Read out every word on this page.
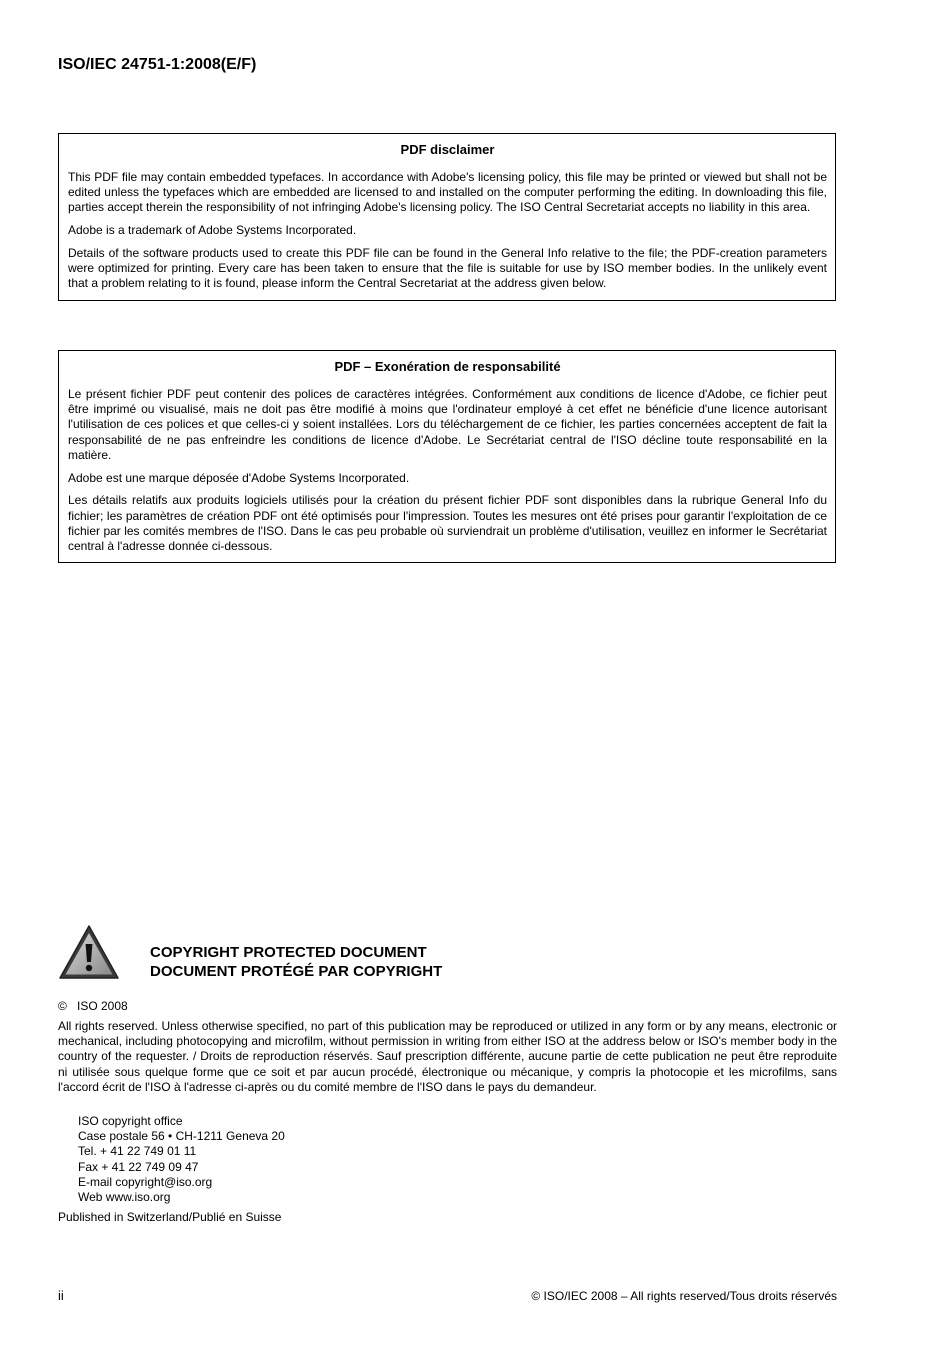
ISO/IEC 24751-1:2008(E/F)
PDF disclaimer

This PDF file may contain embedded typefaces. In accordance with Adobe's licensing policy, this file may be printed or viewed but shall not be edited unless the typefaces which are embedded are licensed to and installed on the computer performing the editing. In downloading this file, parties accept therein the responsibility of not infringing Adobe's licensing policy. The ISO Central Secretariat accepts no liability in this area.

Adobe is a trademark of Adobe Systems Incorporated.

Details of the software products used to create this PDF file can be found in the General Info relative to the file; the PDF-creation parameters were optimized for printing. Every care has been taken to ensure that the file is suitable for use by ISO member bodies. In the unlikely event that a problem relating to it is found, please inform the Central Secretariat at the address given below.

PDF – Exonération de responsabilité

Le présent fichier PDF peut contenir des polices de caractères intégrées. Conformément aux conditions de licence d'Adobe, ce fichier peut être imprimé ou visualisé, mais ne doit pas être modifié à moins que l'ordinateur employé à cet effet ne bénéficie d'une licence autorisant l'utilisation de ces polices et que celles-ci y soient installées. Lors du téléchargement de ce fichier, les parties concernées acceptent de fait la responsabilité de ne pas enfreindre les conditions de licence d'Adobe. Le Secrétariat central de l'ISO décline toute responsabilité en la matière.

Adobe est une marque déposée d'Adobe Systems Incorporated.

Les détails relatifs aux produits logiciels utilisés pour la création du présent fichier PDF sont disponibles dans la rubrique General Info du fichier; les paramètres de création PDF ont été optimisés pour l'impression. Toutes les mesures ont été prises pour garantir l'exploitation de ce fichier par les comités membres de l'ISO. Dans le cas peu probable où surviendrait un problème d'utilisation, veuillez en informer le Secrétariat central à l'adresse donnée ci-dessous.

COPYRIGHT PROTECTED DOCUMENT
DOCUMENT PROTÉGÉ PAR COPYRIGHT

© ISO 2008

All rights reserved. Unless otherwise specified, no part of this publication may be reproduced or utilized in any form or by any means, electronic or mechanical, including photocopying and microfilm, without permission in writing from either ISO at the address below or ISO's member body in the country of the requester. / Droits de reproduction réservés. Sauf prescription différente, aucune partie de cette publication ne peut être reproduite ni utilisée sous quelque forme que ce soit et par aucun procédé, électronique ou mécanique, y compris la photocopie et les microfilms, sans l'accord écrit de l'ISO à l'adresse ci-après ou du comité membre de l'ISO dans le pays du demandeur.

ISO copyright office
Case postale 56 • CH-1211 Geneva 20
Tel. + 41 22 749 01 11
Fax + 41 22 749 09 47
E-mail copyright@iso.org
Web www.iso.org

Published in Switzerland/Publié en Suisse

ii	© ISO/IEC 2008 – All rights reserved/Tous droits réservés
